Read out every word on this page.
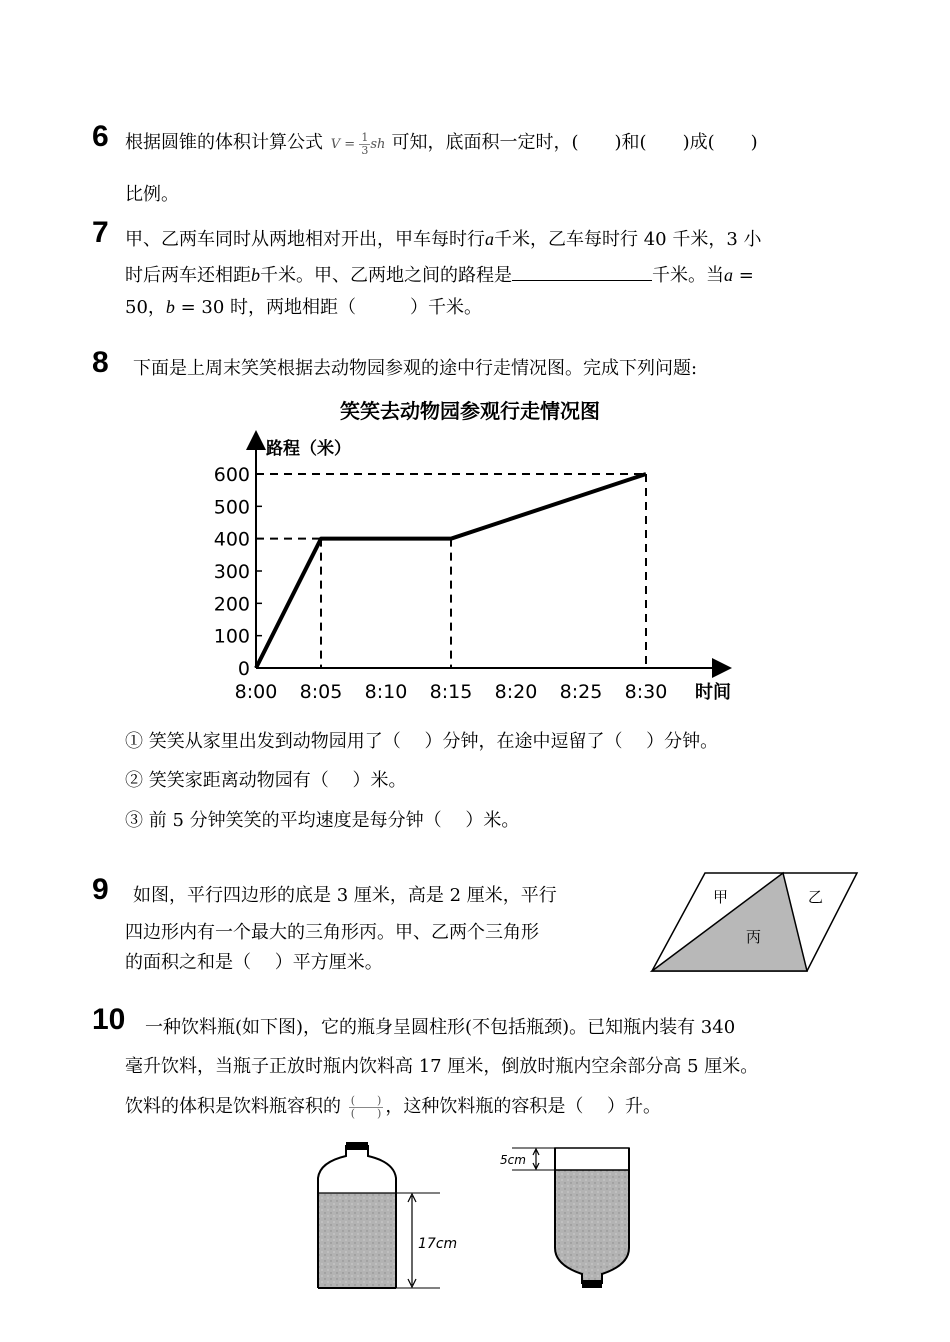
6 根据圆锥的体积计算公式 $V = \frac{1}{3}$ sh 可知，底面积一定时，(　　)和(　　)成(　　)
比例。
7 甲、乙两车同时从两地相对开出，甲车每时行a千米，乙车每时行 40 千米，3 小
时后两车还相距b千米。甲、乙两地之间的路程是	千米。当a =
50，b = 30 时，两地相距（　　　）千米。
8 下面是上周末笑笑根据去动物园参观的途中行走情况图。完成下列问题:
笑笑去动物园参观行走情况图
路程（米）
时间
8:00 8:05 8:10 8:15 8:20 8:25 8:30
0
100
200
300
400
500
600
① 笑笑从家里出发到动物园用了（　 ）分钟，在途中逗留了（　 ）分钟。
② 笑笑家距离动物园有（　 ）米。
③ 前 5 分钟笑笑的平均速度是每分钟（　 ）米。
9 如图，平行四边形的底是 3 厘米，高是 2 厘米，平行
四边形内有一个最大的三角形丙。甲、乙两个三角形
的面积之和是（　 ）平方厘米。
甲	乙
丙
10 一种饮料瓶(如下图)，它的瓶身呈圆柱形(不包括瓶颈)。已知瓶内装有 340
毫升饮料，当瓶子正放时瓶内饮料高 17 厘米，倒放时瓶内空余部分高 5 厘米。
饮料的体积是饮料瓶容积的 $\frac{( )}{( )}$ ，这种饮料瓶的容积是（　 ）升。
17cm
5cm
